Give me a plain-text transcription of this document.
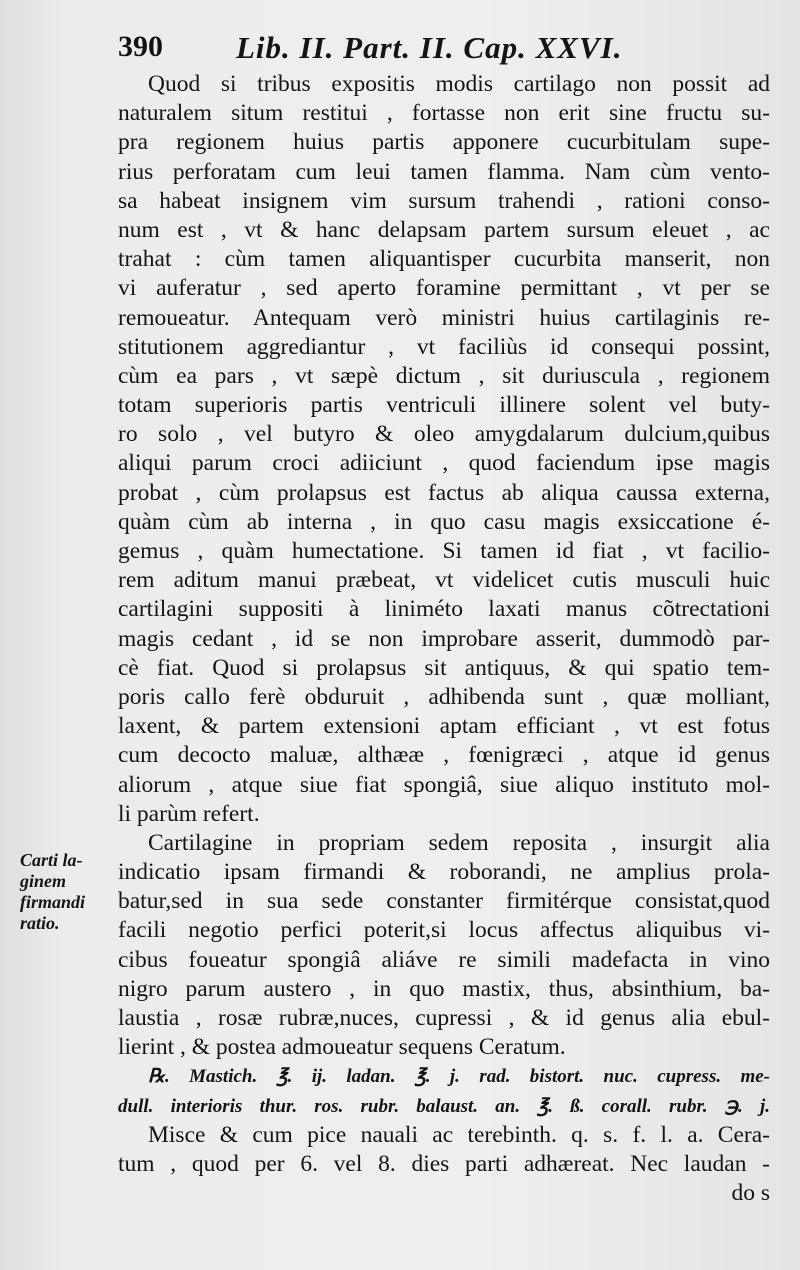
390 Lib. II. Part. II. Cap. XXVI.
Quod si tribus expositis modis cartilago non possit ad
naturalem situm restitui , fortasse non erit sine fructu su-
pra regionem huius partis apponere cucurbitulam supe-
rius perforatam cum leui tamen flamma. Nam cùm vento-
sa habeat insignem vim sursum trahendi , rationi conso-
num est , vt & hanc delapsam partem sursum eleuet , ac
trahat : cùm tamen aliquantisper cucurbita manserit, non
vi auferatur , sed aperto foramine permittant , vt per se
remoueatur. Antequam verò ministri huius cartilaginis re-
stitutionem aggrediantur , vt faciliùs id consequi possint,
cùm ea pars , vt sæpè dictum , sit duriuscula , regionem
totam superioris partis ventriculi illinere solent vel buty-
ro solo , vel butyro & oleo amygdalarum dulcium,quibus
aliqui parum croci adiiciunt , quod faciendum ipse magis
probat , cùm prolapsus est factus ab aliqua caussa externa,
quàm cùm ab interna , in quo casu magis exsiccatione é-
gemus , quàm humectatione. Si tamen id fiat , vt facilio-
rem aditum manui præbeat, vt videlicet cutis musculi huic
cartilagini suppositi à liniméto laxati manus cõtrectationi
magis cedant , id se non improbare asserit, dummodò par-
cè fiat. Quod si prolapsus sit antiquus, & qui spatio tem-
poris callo ferè obduruit , adhibenda sunt , quæ molliant,
laxent, & partem extensioni aptam efficiant , vt est fotus
cum decocto maluæ, althææ , fœnigræci , atque id genus
aliorum , atque siue fiat spongiâ, siue aliquo instituto mol-
li parùm refert.
Cartilagine in propriam sedem reposita , insurgit alia
indicatio ipsam firmandi & roborandi, ne amplius prola-
batur,sed in sua sede constanter firmitérque consistat,quod
facili negotio perfici poterit,si locus affectus aliquibus vi-
cibus foueatur spongiâ aliáve re simili madefacta in vino
nigro parum austero , in quo mastix, thus, absinthium, ba-
laustia , rosæ rubræ,nuces, cupressi , & id genus alia ebul-
lierint , & postea admoueatur sequens Ceratum.
℞. Mastich. ℥. ij. ladan. ℥. j. rad. bistort. nuc. cupress. me-
dull. interioris thur. ros. rubr. balaust. an. ℥. ß. corall. rubr. ℈. j.
Misce & cum pice nauali ac terebinth. q. s. f. l. a. Cera-
tum , quod per 6. vel 8. dies parti adhæreat. Nec laudan -
do s
Carti la-
ginem
firmandi
ratio.
